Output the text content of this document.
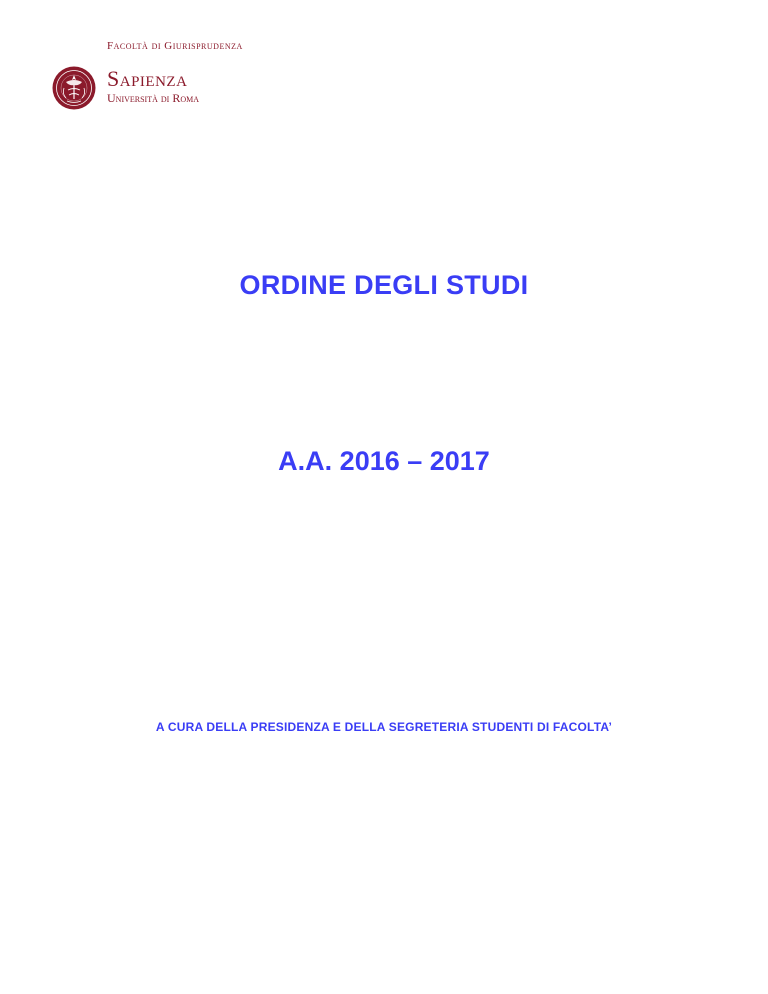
Facoltà di Giurisprudenza
Sapienza
Università di Roma
ORDINE DEGLI STUDI
A.A. 2016 – 2017
A CURA DELLA PRESIDENZA E DELLA SEGRETERIA STUDENTI DI FACOLTA’
